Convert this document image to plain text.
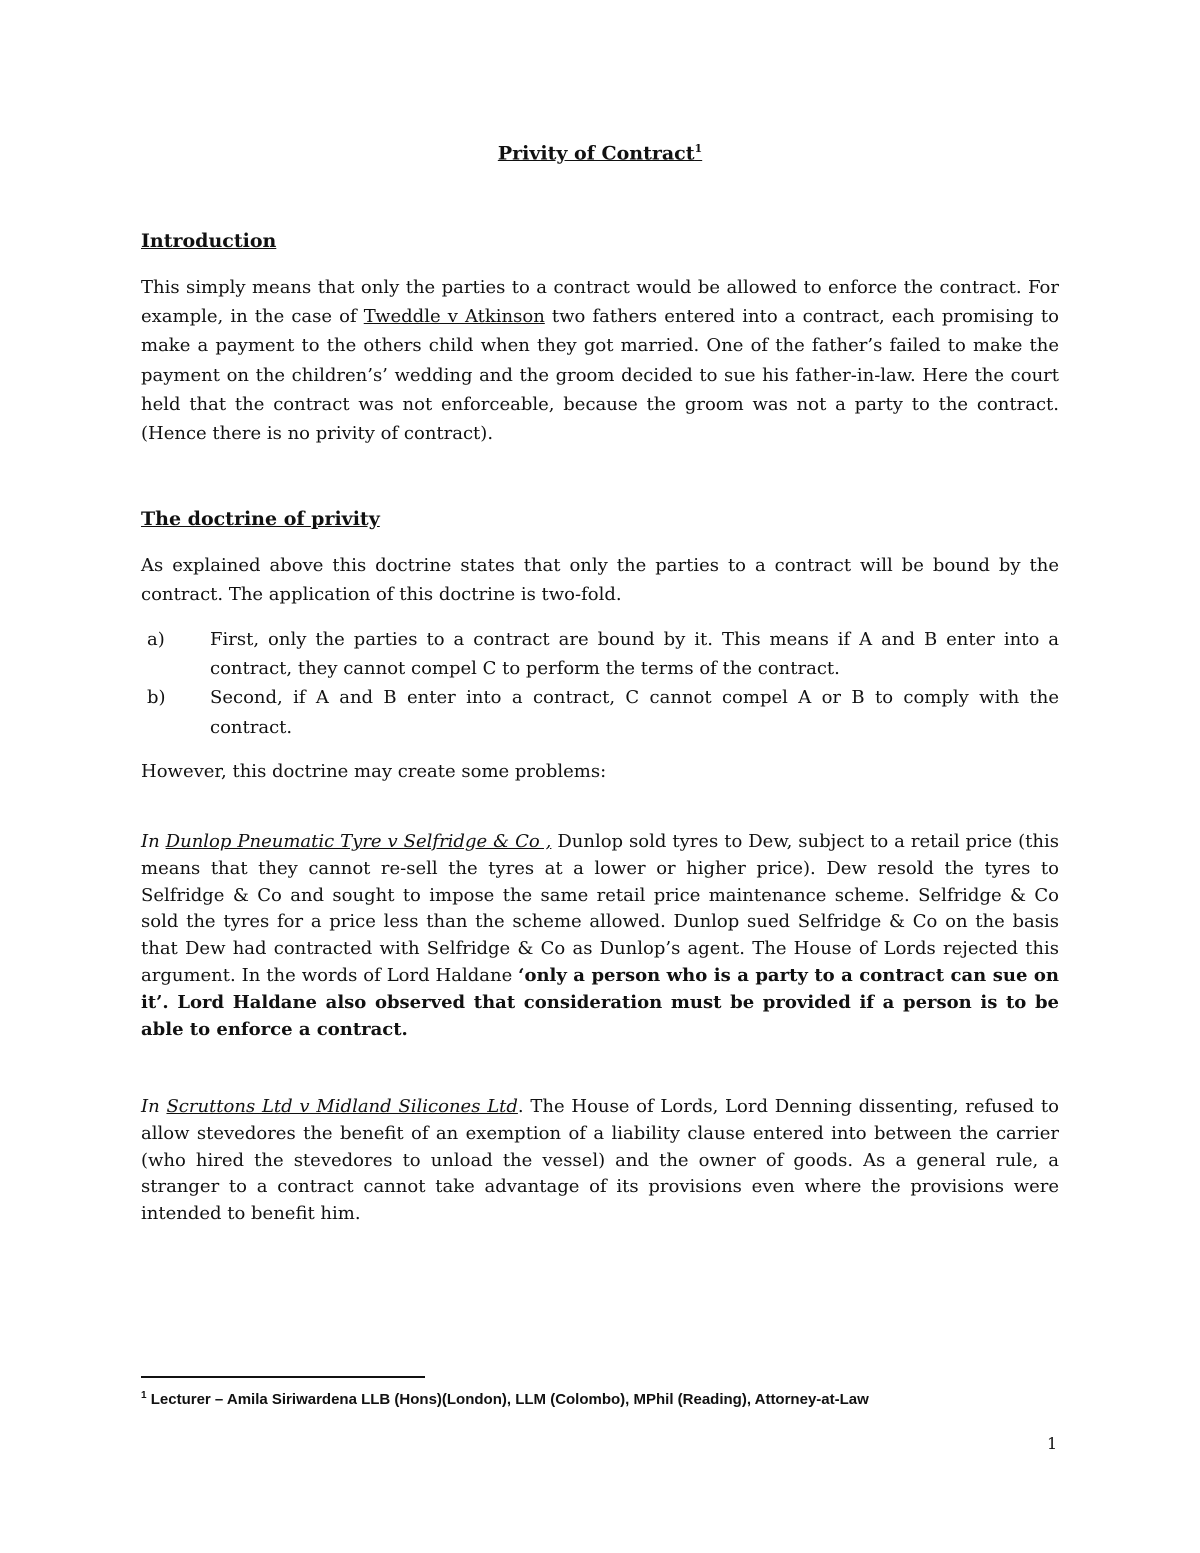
Privity of Contract$^1$
Introduction

This simply means that only the parties to a contract would be allowed to enforce the contract. For example, in the case of Tweddle v Atkinson two fathers entered into a contract, each promising to make a payment to the others child when they got married. One of the father’s failed to make the payment on the children’s’ wedding and the groom decided to sue his father-in-law. Here the court held that the contract was not enforceable, because the groom was not a party to the contract. (Hence there is no privity of contract).

The doctrine of privity

As explained above this doctrine states that only the parties to a contract will be bound by the contract. The application of this doctrine is two-fold.

a)	First, only the parties to a contract are bound by it. This means if A and B enter into a contract, they cannot compel C to perform the terms of the contract.
b) Second, if A and B enter into a contract, C cannot compel A or B to comply with the contract.

However, this doctrine may create some problems:

In Dunlop Pneumatic Tyre v Selfridge & Co , Dunlop sold tyres to Dew, subject to a retail price (this means that they cannot re-sell the tyres at a lower or higher price). Dew resold the tyres to Selfridge & Co and sought to impose the same retail price maintenance scheme. Selfridge & Co sold the tyres for a price less than the scheme allowed. Dunlop sued Selfridge & Co on the basis that Dew had contracted with Selfridge & Co as Dunlop’s agent. The House of Lords rejected this argument. In the words of Lord Haldane ‘only a person who is a party to a contract can sue on it’. Lord Haldane also observed that consideration must be provided if a person is to be able to enforce a contract.

In Scruttons Ltd v Midland Silicones Ltd. The House of Lords, Lord Denning dissenting, refused to allow stevedores the benefit of an exemption of a liability clause entered into between the carrier (who hired the stevedores to unload the vessel) and the owner of goods. As a general rule, a stranger to a contract cannot take advantage of its provisions even where the provisions were intended to benefit him.

$^1$ Lecturer – Amila Siriwardena LLB (Hons)(London), LLM (Colombo), MPhil (Reading), Attorney-at-Law
1
